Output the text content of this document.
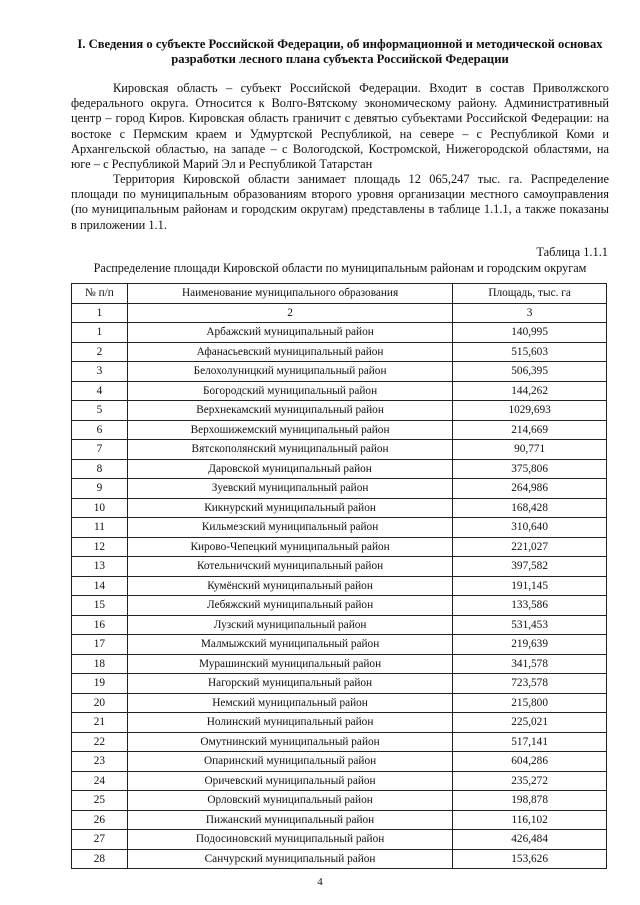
I. Сведения о субъекте Российской Федерации, об информационной и методической основах разработки лесного плана субъекта Российской Федерации

Кировская область – субъект Российской Федерации. Входит в состав Приволжского федерального округа. Относится к Волго-Вятскому экономическому району. Административный центр – город Киров. Кировская область граничит с девятью субъектами Российской Федерации: на востоке с Пермским краем и Удмуртской Республикой, на севере – с Республикой Коми и Архангельской областью, на западе – с Вологодской, Костромской, Нижегородской областями, на юге – с Республикой Марий Эл и Республикой Татарстан

Территория Кировской области занимает площадь 12 065,247 тыс. га. Распределение площади по муниципальным образованиям второго уровня организации местного самоуправления (по муниципальным районам и городским округам) представлены в таблице 1.1.1, а также показаны в приложении 1.1.

Таблица 1.1.1
Распределение площади Кировской области по муниципальным районам и городским округам
№ п/п	Наименование муниципального образования	Площадь, тыс. га
1	2	3
1	Арбажский муниципальный район	140,995
2	Афанасьевский муниципальный район	515,603
3	Белохолуницкий муниципальный район	506,395
4	Богородский муниципальный район	144,262
5	Верхнекамский муниципальный район	1029,693
6	Верхошижемский муниципальный район	214,669
7	Вятскополянский муниципальный район	90,771
8	Даровской муниципальный район	375,806
9	Зуевский муниципальный район	264,986
10	Кикнурский муниципальный район	168,428
11	Кильмезский муниципальный район	310,640
12	Кирово-Чепецкий муниципальный район	221,027
13	Котельничский муниципальный район	397,582
14	Кумёнский муниципальный район	191,145
15	Лебяжский муниципальный район	133,586
16	Лузский муниципальный район	531,453
17	Малмыжский муниципальный район	219,639
18	Мурашинский муниципальный район	341,578
19	Нагорский муниципальный район	723,578
20	Немский муниципальный район	215,800
21	Нолинский муниципальный район	225,021
22	Омутнинский муниципальный район	517,141
23	Опаринский муниципальный район	604,286
24	Оричевский муниципальный район	235,272
25	Орловский муниципальный район	198,878
26	Пижанский муниципальный район	116,102
27	Подосиновский муниципальный район	426,484
28	Санчурский муниципальный район	153,626
4
